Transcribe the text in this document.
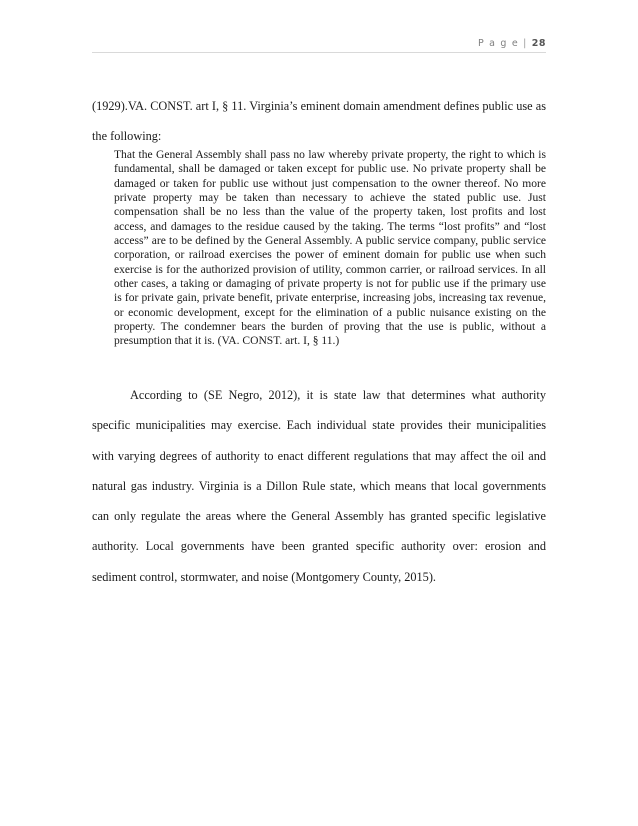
P a g e | 28

(1929).VA. CONST. art I, § 11. Virginia’s eminent domain amendment defines public use as the following:

That the General Assembly shall pass no law whereby private property, the right to which is fundamental, shall be damaged or taken except for public use. No private property shall be damaged or taken for public use without just compensation to the owner thereof. No more private property may be taken than necessary to achieve the stated public use. Just compensation shall be no less than the value of the property taken, lost profits and lost access, and damages to the residue caused by the taking. The terms “lost profits” and “lost access” are to be defined by the General Assembly. A public service company, public service corporation, or railroad exercises the power of eminent domain for public use when such exercise is for the authorized provision of utility, common carrier, or railroad services. In all other cases, a taking or damaging of private property is not for public use if the primary use is for private gain, private benefit, private enterprise, increasing jobs, increasing tax revenue, or economic development, except for the elimination of a public nuisance existing on the property. The condemner bears the burden of proving that the use is public, without a presumption that it is. (VA. CONST. art. I, § 11.)

According to (SE Negro, 2012), it is state law that determines what authority specific municipalities may exercise. Each individual state provides their municipalities with varying degrees of authority to enact different regulations that may affect the oil and natural gas industry. Virginia is a Dillon Rule state, which means that local governments can only regulate the areas where the General Assembly has granted specific legislative authority. Local governments have been granted specific authority over: erosion and sediment control, stormwater, and noise (Montgomery County, 2015).
